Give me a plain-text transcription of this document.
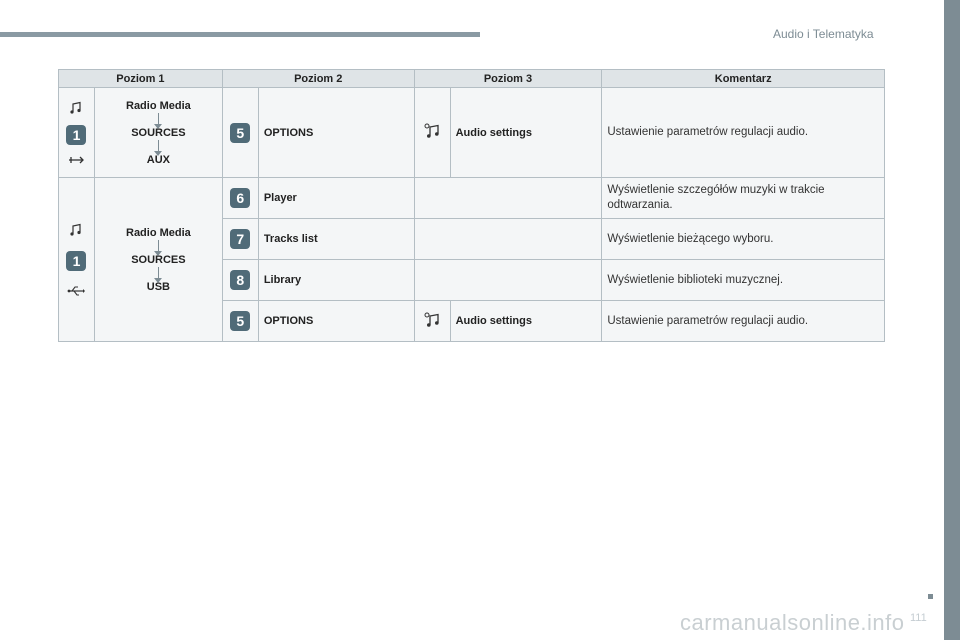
Audio i Telematyka
111
Poziom 1		Poziom 2		Poziom 3		Komentarz

1	Radio Media
SOURCES
AUX	5	OPTIONS		Audio settings	Ustawienie parametrów regulacji audio.

1	Radio Media
SOURCES
USB	6	Player			Wyświetlenie szczegółów muzyki w trakcie odtwarzania.

7	Tracks list			Wyświetlenie bieżącego wyboru.

8	Library			Wyświetlenie biblioteki muzycznej.

5	OPTIONS		Audio settings	Ustawienie parametrów regulacji audio.
carmanualsonline.info
